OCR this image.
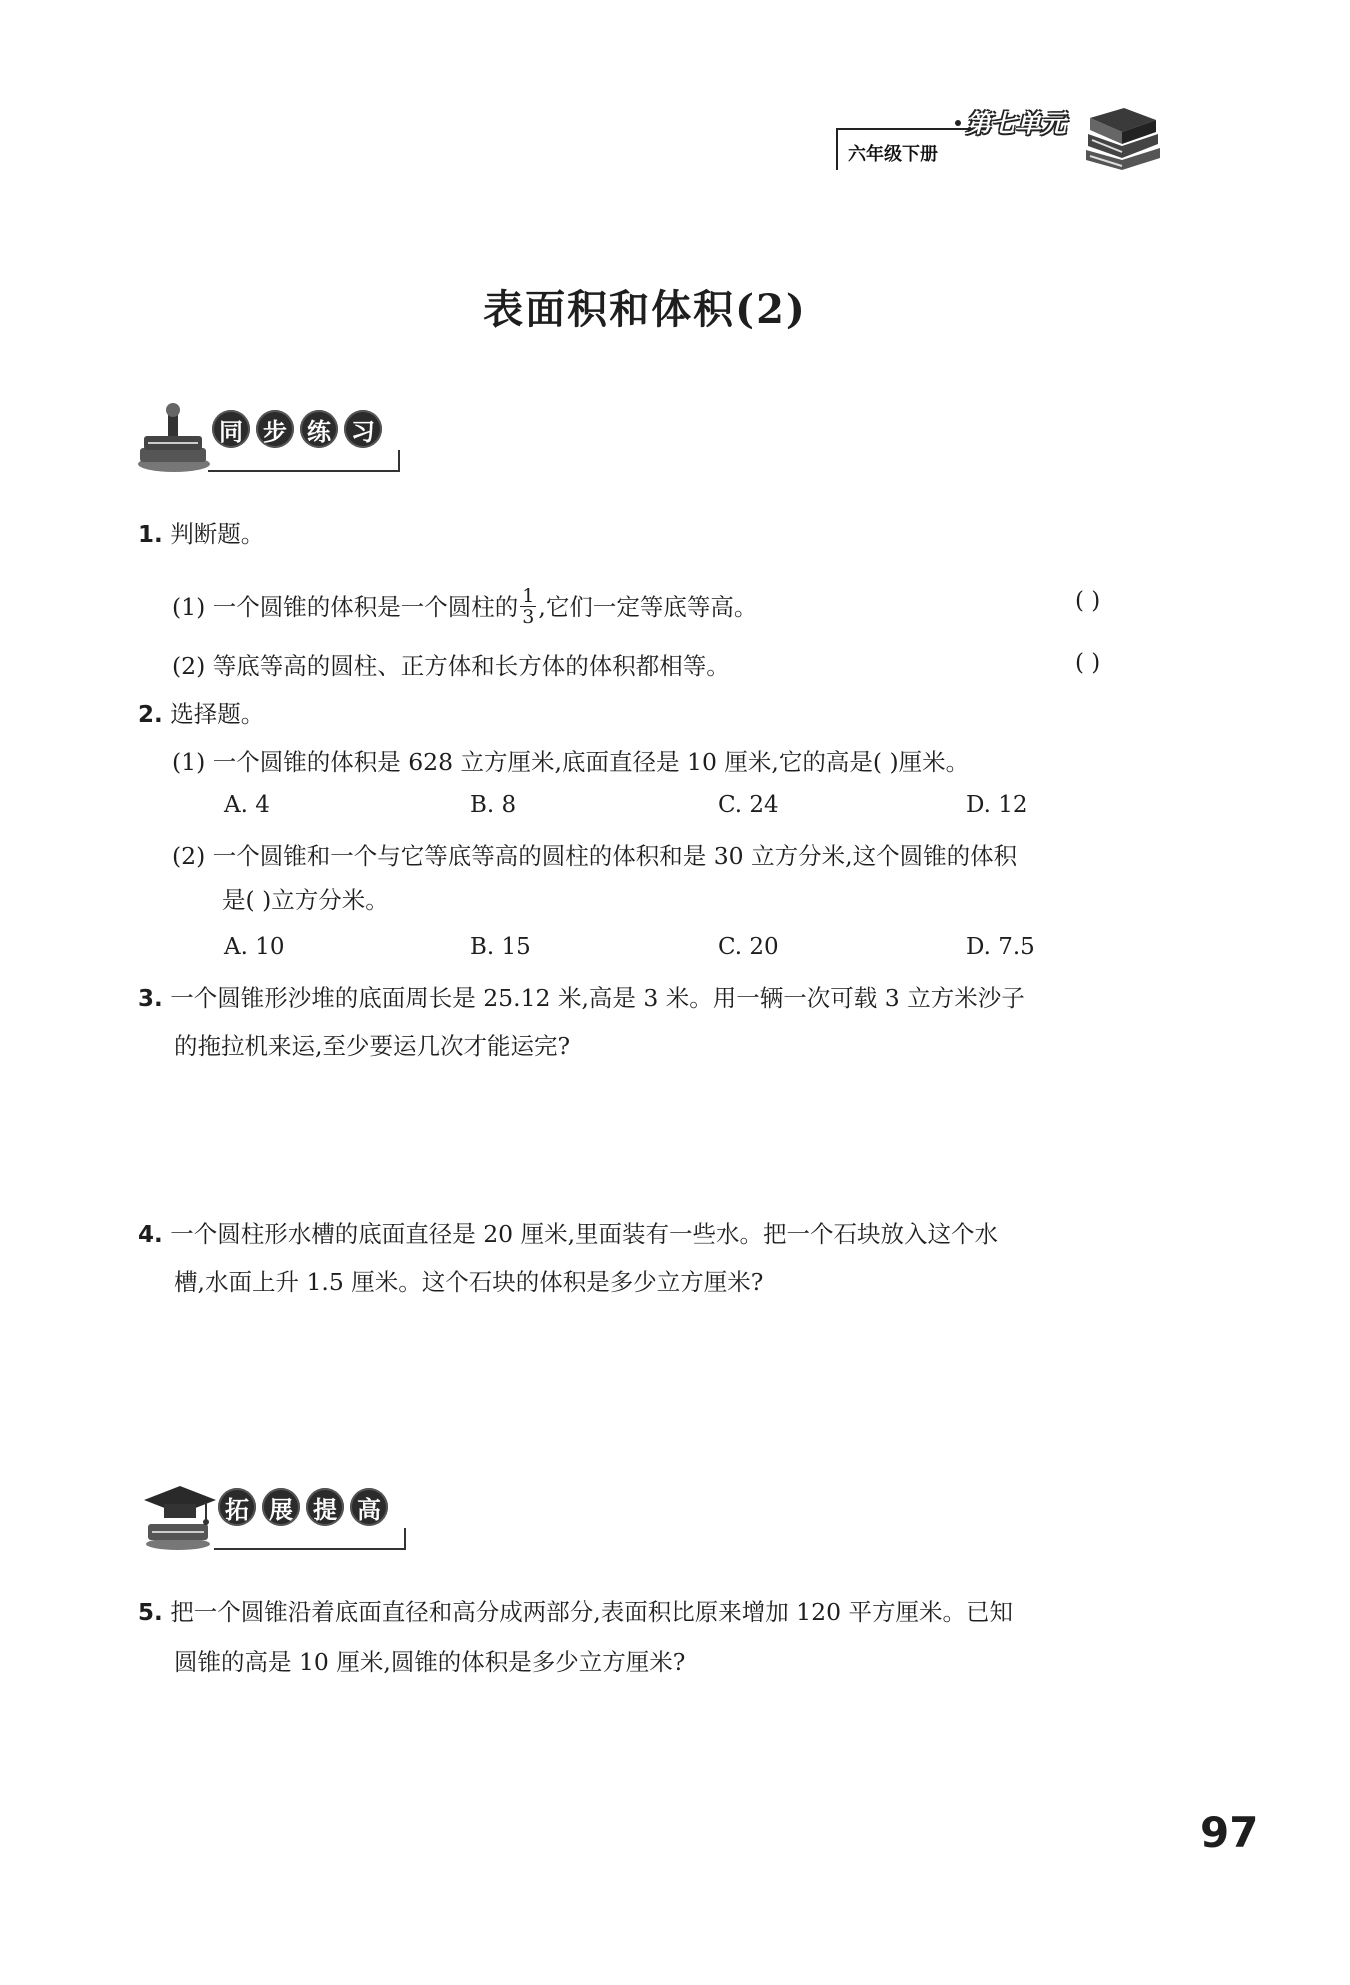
六年级下册
第七单元
表面积和体积(2)
同 步 练 习
1. 判断题。
(1) 一个圆锥的体积是一个圆柱的 $\frac{1}{3}$ ,它们一定等底等高。	( )
(2) 等底等高的圆柱、正方体和长方体的体积都相等。	( )
2. 选择题。
(1) 一个圆锥的体积是 628 立方厘米,底面直径是 10 厘米,它的高是( )厘米。
A. 4	B. 8	C. 24	D. 12
(2) 一个圆锥和一个与它等底等高的圆柱的体积和是 30 立方分米,这个圆锥的体积
是( )立方分米。
A. 10	B. 15	C. 20	D. 7.5
3. 一个圆锥形沙堆的底面周长是 25.12 米,高是 3 米。用一辆一次可载 3 立方米沙子
的拖拉机来运,至少要运几次才能运完?
4. 一个圆柱形水槽的底面直径是 20 厘米,里面装有一些水。把一个石块放入这个水
槽,水面上升 1.5 厘米。这个石块的体积是多少立方厘米?
拓 展 提 高
5. 把一个圆锥沿着底面直径和高分成两部分,表面积比原来增加 120 平方厘米。已知
圆锥的高是 10 厘米,圆锥的体积是多少立方厘米?
97
